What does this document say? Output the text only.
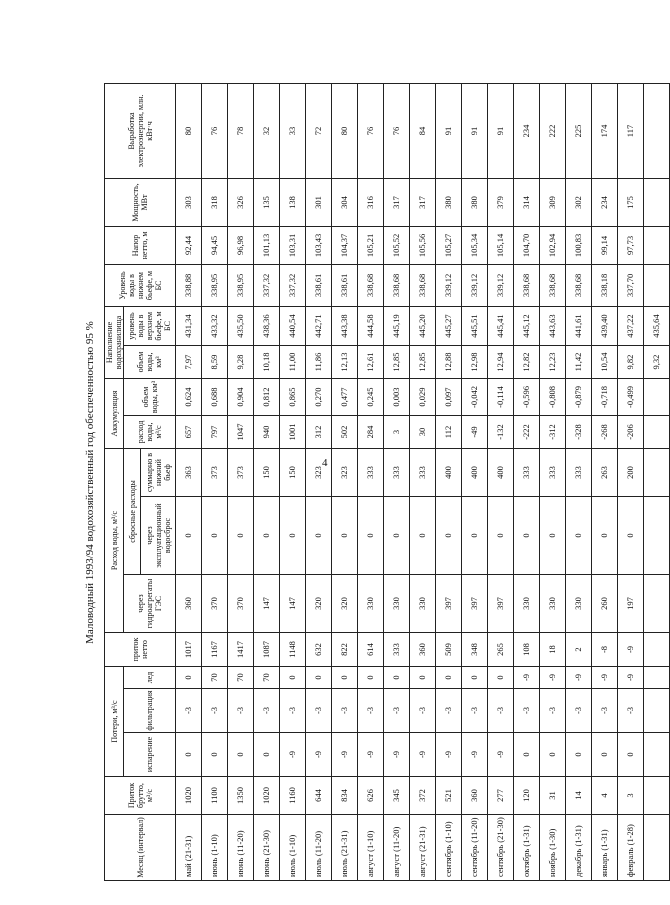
4
Маловодный 1993/94 водохозяйственный год обеспеченностью 95 %
Месяц (интервал)	Приток брутто, м³/с	Потери, м³/с			приток нетто	Расход воды, м³/с			Аккумуляция		Наполнение водохранилища		Уровень воды в нижнем бьефе, м БС	Напор нетто, м	Мощность, МВт	Выработка электроэнергии, млн. кВт·ч
		испарение	фильтрация	лед		через гидроагрегаты ГЭС	сбросные расходы		расход воды, м³/с	объем воды, км³	объем воды, км³	уровень воды в верхнем бьефе, м БС				
							через эксплуатационный водосброс	суммарно в нижний бьеф								
май (21-31)	1020	0	-3	0	1017	360	0	363	657	0,624	7,97	431,34	338,88	92,44	303	80
июнь (1-10)	1100	0	-3	70	1167	370	0	373	797	0,688	8,59	433,32	338,95	94,45	318	76
июнь (11-20)	1350	0	-3	70	1417	370	0	373	1047	0,904	9,28	435,50	338,95	96,98	326	78
июнь (21-30)	1020	0	-3	70	1087	147	0	150	940	0,812	10,18	438,36	337,32	101,13	135	32
июль (1-10)	1160	-9	-3	0	1148	147	0	150	1001	0,865	11,00	440,54	337,32	103,31	138	33
июль (11-20)	644	-9	-3	0	632	320	0	323	312	0,270	11,86	442,71	338,61	103,43	301	72
июль (21-31)	834	-9	-3	0	822	320	0	323	502	0,477	12,13	443,38	338,61	104,37	304	80
август (1-10)	626	-9	-3	0	614	330	0	333	284	0,245	12,61	444,58	338,68	105,21	316	76
август (11-20)	345	-9	-3	0	333	330	0	333	3	0,003	12,85	445,19	338,68	105,52	317	76
август (21-31)	372	-9	-3	0	360	330	0	333	30	0,029	12,85	445,20	338,68	105,56	317	84
сентябрь (1-10)	521	-9	-3	0	509	397	0	400	112	0,097	12,88	445,27	339,12	105,27	380	91
сентябрь (11-20)	360	-9	-3	0	348	397	0	400	-49	-0,042	12,98	445,51	339,12	105,34	380	91
сентябрь (21-30)	277	-9	-3	0	265	397	0	400	-132	-0,114	12,94	445,41	339,12	105,14	379	91
октябрь (1-31)	120	0	-3	-9	108	330	0	333	-222	-0,596	12,82	445,12	338,68	104,70	314	234
ноябрь (1-30)	31	0	-3	-9	18	330	0	333	-312	-0,808	12,23	443,63	338,68	102,94	309	222
декабрь (1-31)	14	0	-3	-9	2	330	0	333	-328	-0,879	11,42	441,61	338,68	100,83	302	225
январь (1-31)	4	0	-3	-9	-8	260	0	263	-268	-0,718	10,54	439,40	338,18	99,14	234	174
февраль (1-28)	3	0	-3	-9	-9	197	0	200	-206	-0,499	9,82	437,22	337,70	97,73	175	117
											9,32	435,64				
